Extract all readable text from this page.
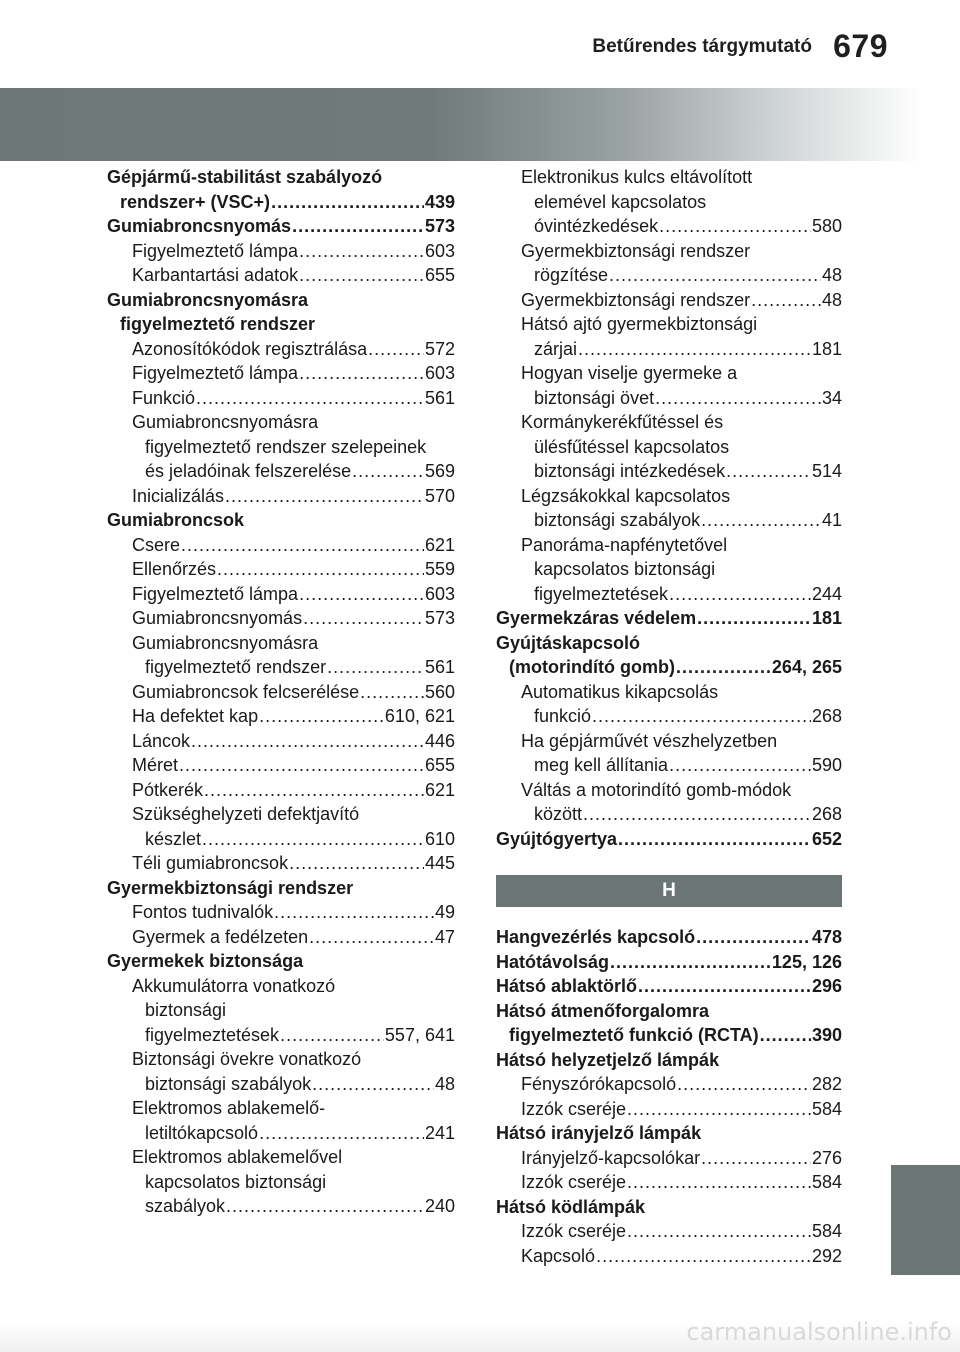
Betűrendes tárgymutató 679
Gépjármű-stabilitást szabályozó
rendszer+ (VSC+) .....	439
Gumiabroncsnyomás .....	573
Figyelmeztető lámpa .....	603
Karbantartási adatok .....	655
Gumiabroncsnyomásra
figyelmeztető rendszer
Azonosítókódok regisztrálása .....	572
Figyelmeztető lámpa .....	603
Funkció .....	561
Gumiabroncsnyomásra
figyelmeztető rendszer szelepeinek
és jeladóinak felszerelése .....	569
Inicializálás .....	570
Gumiabroncsok
Csere .....	621
Ellenőrzés .....	559
Figyelmeztető lámpa .....	603
Gumiabroncsnyomás .....	573
Gumiabroncsnyomásra
figyelmeztető rendszer .....	561
Gumiabroncsok felcserélése .....	560
Ha defektet kap .....	610, 621
Láncok .....	446
Méret .....	655
Pótkerék .....	621
Szükséghelyzeti defektjavító
készlet .....	610
Téli gumiabroncsok .....	445
Gyermekbiztonsági rendszer
Fontos tudnivalók .....	49
Gyermek a fedélzeten .....	47
Gyermekek biztonsága
Akkumulátorra vonatkozó
biztonsági
figyelmeztetések .....	557, 641
Biztonsági övekre vonatkozó
biztonsági szabályok .....	48
Elektromos ablakemelő-
letiltókapcsoló .....	241
Elektromos ablakemelővel
kapcsolatos biztonsági
szabályok .....	240
Elektronikus kulcs eltávolított
elemével kapcsolatos
óvintézkedések .....	580
Gyermekbiztonsági rendszer
rögzítése .....	48
Gyermekbiztonsági rendszer .....	48
Hátsó ajtó gyermekbiztonsági
zárjai .....	181
Hogyan viselje gyermeke a
biztonsági övet .....	34
Kormánykerékfűtéssel és
ülésfűtéssel kapcsolatos
biztonsági intézkedések .....	514
Légzsákokkal kapcsolatos
biztonsági szabályok .....	41
Panoráma-napfénytetővel
kapcsolatos biztonsági
figyelmeztetések .....	244
Gyermekzáras védelem .....	181
Gyújtáskapcsoló
(motorindító gomb) .....	264, 265
Automatikus kikapcsolás
funkció .....	268
Ha gépjárművét vészhelyzetben
meg kell állítania .....	590
Váltás a motorindító gomb-módok
között .....	268
Gyújtógyertya .....	652
H
Hangvezérlés kapcsoló .....	478
Hatótávolság .....	125, 126
Hátsó ablaktörlő .....	296
Hátsó átmenőforgalomra
figyelmeztető funkció (RCTA) .....	390
Hátsó helyzetjelző lámpák
Fényszórókapcsoló .....	282
Izzók cseréje .....	584
Hátsó irányjelző lámpák
Irányjelző-kapcsolókar .....	276
Izzók cseréje .....	584
Hátsó ködlámpák
Izzók cseréje .....	584
Kapcsoló .....	292
carmanualsonline.info
